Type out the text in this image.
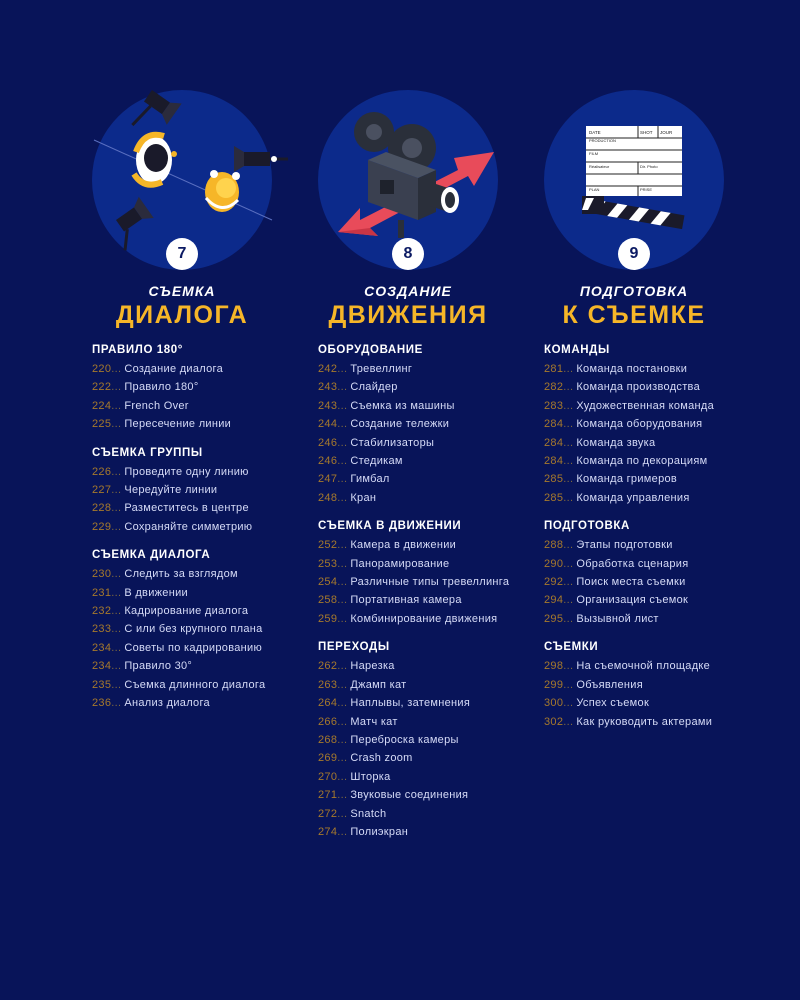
7
СЪЕМКА
ДИАЛОГА
ПРАВИЛО 180°
220 ... Создание диалога
222 ... Правило 180°
224 ... French Over
225 ... Пересечение линии
СЪЕМКА ГРУППЫ
226 ... Проведите одну линию
227 ... Чередуйте линии
228 ... Разместитесь в центре
229 ... Сохраняйте симметрию
СЪЕМКА ДИАЛОГА
230 ... Следить за взглядом
231 ... В движении
232 ... Кадрирование диалога
233 ... С или без крупного плана
234 ... Советы по кадрированию
234 ... Правило 30°
235 ... Съемка длинного диалога
236 ... Анализ диалога
8
СОЗДАНИЕ
ДВИЖЕНИЯ
ОБОРУДОВАНИЕ
242 ... Тревеллинг
243 ... Слайдер
243 ... Съемка из машины
244 ... Создание тележки
246 ... Стабилизаторы
246 ... Стедикам
247 ... Гимбал
248 ... Кран
СЪЕМКА В ДВИЖЕНИИ
252 ... Камера в движении
253 ... Панорамирование
254 ... Различные типы тревеллинга
258 ... Портативная камера
259 ... Комбинирование движения
ПЕРЕХОДЫ
262 ... Нарезка
263 ... Джамп кат
264 ... Наплывы, затемнения
266 ... Матч кат
268 ... Переброска камеры
269 ... Crash zoom
270 ... Шторка
271 ... Звуковые соединения
272 ... Snatch
274 ... Полиэкран
DATE	SHOT JOUR
PRODUCTION
FILM
Réalisateur	Dir. Photo
PLAN	PRISE
9
ПОДГОТОВКА
К СЪЕМКЕ
КОМАНДЫ
281 ... Команда постановки
282 ... Команда производства
283 ... Художественная команда
284 ... Команда оборудования
284 ... Команда звука
284 ... Команда по декорациям
285 ... Команда гримеров
285 ... Команда управления
ПОДГОТОВКА
288 ... Этапы подготовки
290 ... Обработка сценария
292 ... Поиск места съемки
294 ... Организация съемок
295 ... Вызывной лист
СЪЕМКИ
298 ... На съемочной площадке
299 ... Объявления
300 ... Успех съемок
302 ... Как руководить актерами
